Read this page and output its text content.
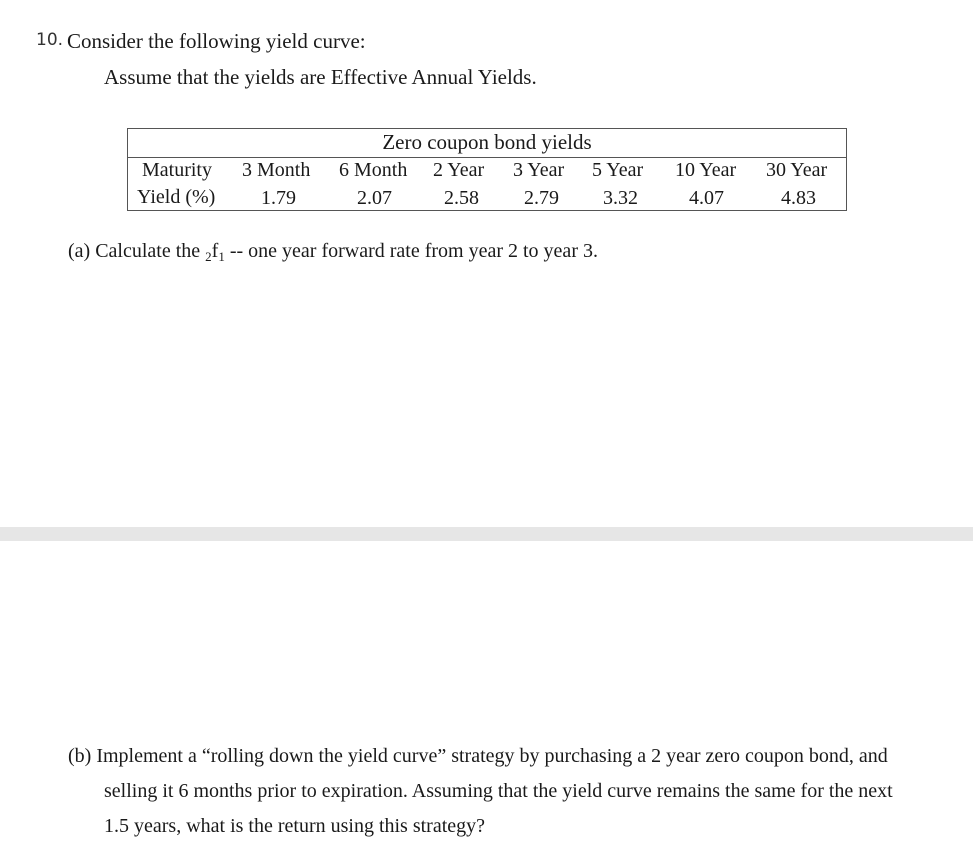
10. Consider the following yield curve:
Assume that the yields are Effective Annual Yields.
Zero coupon bond yields
Maturity 3 Month 6 Month 2 Year 3 Year 5 Year 10 Year 30 Year
Yield (%) 1.79	2.07	2.58 2.79 3.32	4.07	4.83
(a) Calculate the $_2f_1$ -- one year forward rate from year 2 to year 3.
(b) Implement a “rolling down the yield curve” strategy by purchasing a 2 year zero coupon bond, and
selling it 6 months prior to expiration. Assuming that the yield curve remains the same for the next
1.5 years, what is the return using this strategy?
